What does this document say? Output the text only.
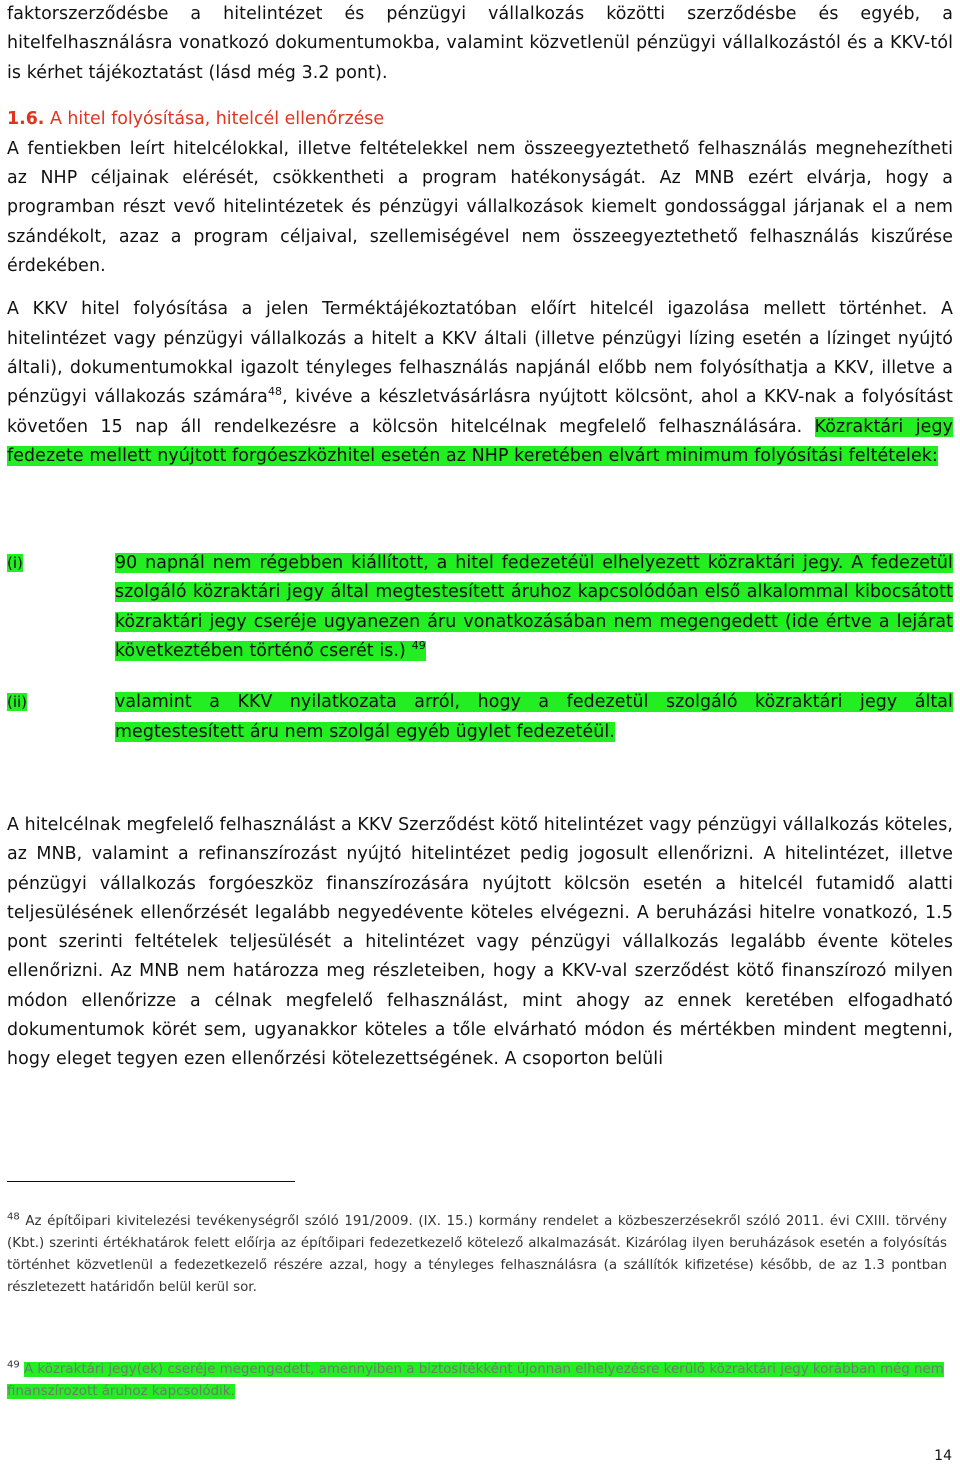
faktorszerződésbe a hitelintézet és pénzügyi vállalkozás közötti szerződésbe és egyéb, a hitelfelhasználásra vonatkozó dokumentumokba, valamint közvetlenül pénzügyi vállalkozástól és a KKV-tól is kérhet tájékoztatást (lásd még 3.2 pont).

1.6. A hitel folyósítása, hitelcél ellenőrzése

A fentiekben leírt hitelcélokkal, illetve feltételekkel nem összeegyeztethető felhasználás megnehezítheti az NHP céljainak elérését, csökkentheti a program hatékonyságát. Az MNB ezért elvárja, hogy a programban részt vevő hitelintézetek és pénzügyi vállalkozások kiemelt gondossággal járjanak el a nem szándékolt, azaz a program céljaival, szellemiségével nem összeegyeztethető felhasználás kiszűrése érdekében.

A KKV hitel folyósítása a jelen Terméktájékoztatóban előírt hitelcél igazolása mellett történhet. A hitelintézet vagy pénzügyi vállalkozás a hitelt a KKV általi (illetve pénzügyi lízing esetén a lízinget nyújtó általi), dokumentumokkal igazolt tényleges felhasználás napjánál előbb nem folyósíthatja a KKV, illetve a pénzügyi vállakozás számára$^{48}$, kivéve a készletvásárlásra nyújtott kölcsönt, ahol a KKV-nak a folyósítást követően 15 nap áll rendelkezésre a kölcsön hitelcélnak megfelelő felhasználására. Közraktári jegy fedezete mellett nyújtott forgóeszközhitel esetén az NHP keretében elvárt minimum folyósítási feltételek:

(i)	90 napnál nem régebben kiállított, a hitel fedezetéül elhelyezett közraktári jegy. A fedezetül szolgáló közraktári jegy által megtestesített áruhoz kapcsolódóan első alkalommal kibocsátott közraktári jegy cseréje ugyanezen áru vonatkozásában nem megengedett (ide értve a lejárat következtében történő cserét is.) $^{49}$
(ii)	valamint a KKV nyilatkozata arról, hogy a fedezetül szolgáló közraktári jegy által megtestesített áru nem szolgál egyéb ügylet fedezetéül.

A hitelcélnak megfelelő felhasználást a KKV Szerződést kötő hitelintézet vagy pénzügyi vállalkozás köteles, az MNB, valamint a refinanszírozást nyújtó hitelintézet pedig jogosult ellenőrizni. A hitelintézet, illetve pénzügyi vállalkozás forgóeszköz finanszírozására nyújtott kölcsön esetén a hitelcél futamidő alatti teljesülésének ellenőrzését legalább negyedévente köteles elvégezni. A beruházási hitelre vonatkozó, 1.5 pont szerinti feltételek teljesülését a hitelintézet vagy pénzügyi vállalkozás legalább évente köteles ellenőrizni. Az MNB nem határozza meg részleteiben, hogy a KKV-val szerződést kötő finanszírozó milyen módon ellenőrizze a célnak megfelelő felhasználást, mint ahogy az ennek keretében elfogadható dokumentumok körét sem, ugyanakkor köteles a tőle elvárható módon és mértékben mindent megtenni, hogy eleget tegyen ezen ellenőrzési kötelezettségének. A csoporton belüli

$^{48}$ Az építőipari kivitelezési tevékenységről szóló 191/2009. (IX. 15.) kormány rendelet a közbeszerzésekről szóló 2011. évi CXIII. törvény (Kbt.) szerinti értékhatárok felett előírja az építőipari fedezetkezelő kötelező alkalmazását. Kizárólag ilyen beruházások esetén a folyósítás történhet közvetlenül a fedezetkezelő részére azzal, hogy a tényleges felhasználásra (a szállítók kifizetése) később, de az 1.3 pontban részletezett határidőn belül kerül sor.
$^{49}$ A közraktári jegy(ek) cseréje megengedett, amennyiben a biztosítékként újonnan elhelyezésre kerülő közraktári jegy korábban még nem finanszírozott áruhoz kapcsolódik.
14
